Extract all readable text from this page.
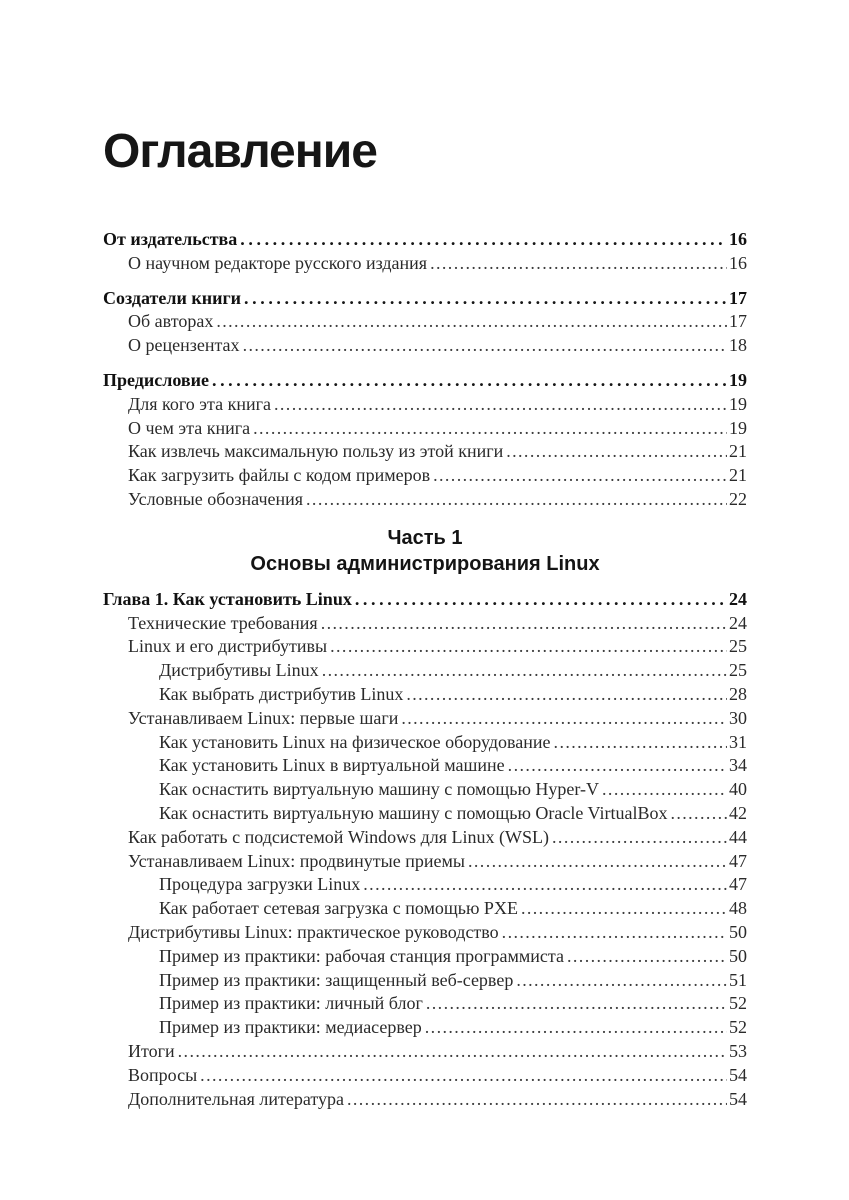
Оглавление
От издательства .....	16
О научном редакторе русского издания .....	16
Создатели книги .....	17
Об авторах .....	17
О рецензентах .....	18
Предисловие .....	19
Для кого эта книга .....	19
О чем эта книга .....	19
Как извлечь максимальную пользу из этой книги .....	21
Как загрузить файлы с кодом примеров .....	21
Условные обозначения .....	22
Часть 1
Основы администрирования Linux
Глава 1. Как установить Linux .....	24
Технические требования .....	24
Linux и его дистрибутивы .....	25
Дистрибутивы Linux .....	25
Как выбрать дистрибутив Linux .....	28
Устанавливаем Linux: первые шаги .....	30
Как установить Linux на физическое оборудование .....	31
Как установить Linux в виртуальной машине .....	34
Как оснастить виртуальную машину с помощью Hyper-V .....	40
Как оснастить виртуальную машину с помощью Oracle VirtualBox .....	42
Как работать с подсистемой Windows для Linux (WSL) .....	44
Устанавливаем Linux: продвинутые приемы .....	47
Процедура загрузки Linux .....	47
Как работает сетевая загрузка с помощью PXE .....	48
Дистрибутивы Linux: практическое руководство .....	50
Пример из практики: рабочая станция программиста .....	50
Пример из практики: защищенный веб-сервер .....	51
Пример из практики: личный блог .....	52
Пример из практики: медиасервер .....	52
Итоги .....	53
Вопросы .....	54
Дополнительная литература .....	54
